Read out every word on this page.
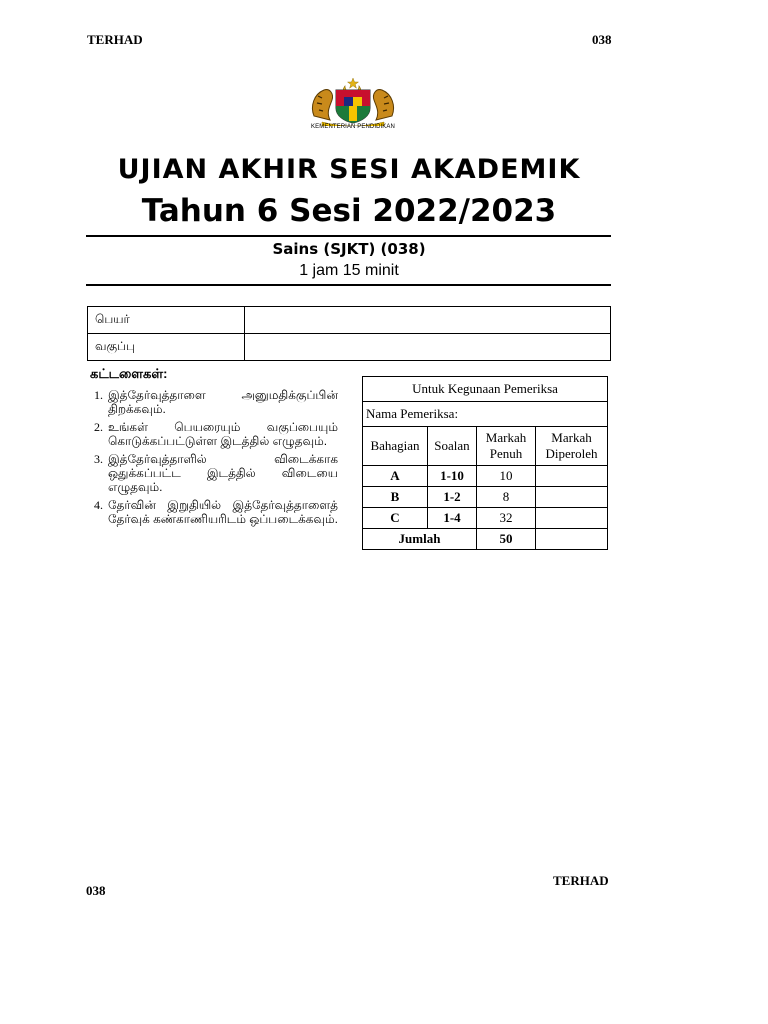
TERHAD	038
KEMENTERIAN PENDIDIKAN
UJIAN AKHIR SESI AKADEMIK
Tahun 6 Sesi 2022/2023
Sains (SJKT) (038)
1 jam 15 minit
பெயர்	
வகுப்பு	
கட்டளைகள்:
1. இத்தேர்வுத்தாளை அனுமதிக்குப்பின் திறக்கவும்.
2. உங்கள் பெயரையும் வகுப்பையும் கொடுக்கப்பட்டுள்ள இடத்தில் எழுதவும்.
3. இத்தேர்வுத்தாளில் விடைக்காக ஒதுக்கப்பட்ட இடத்தில் விடையை எழுதவும்.
4. தேர்வின் இறுதியில் இத்தேர்வுத்தாளைத் தேர்வுக் கண்காணியரிடம் ஒப்படைக்கவும்.
Untuk Kegunaan Pemeriksa			
Nama Pemeriksa:			
Bahagian	Soalan	Markah Penuh	Markah Diperoleh
A	1-10	10	
B	1-2	8	
C	1-4	32	
Jumlah		50	
038
TERHAD
